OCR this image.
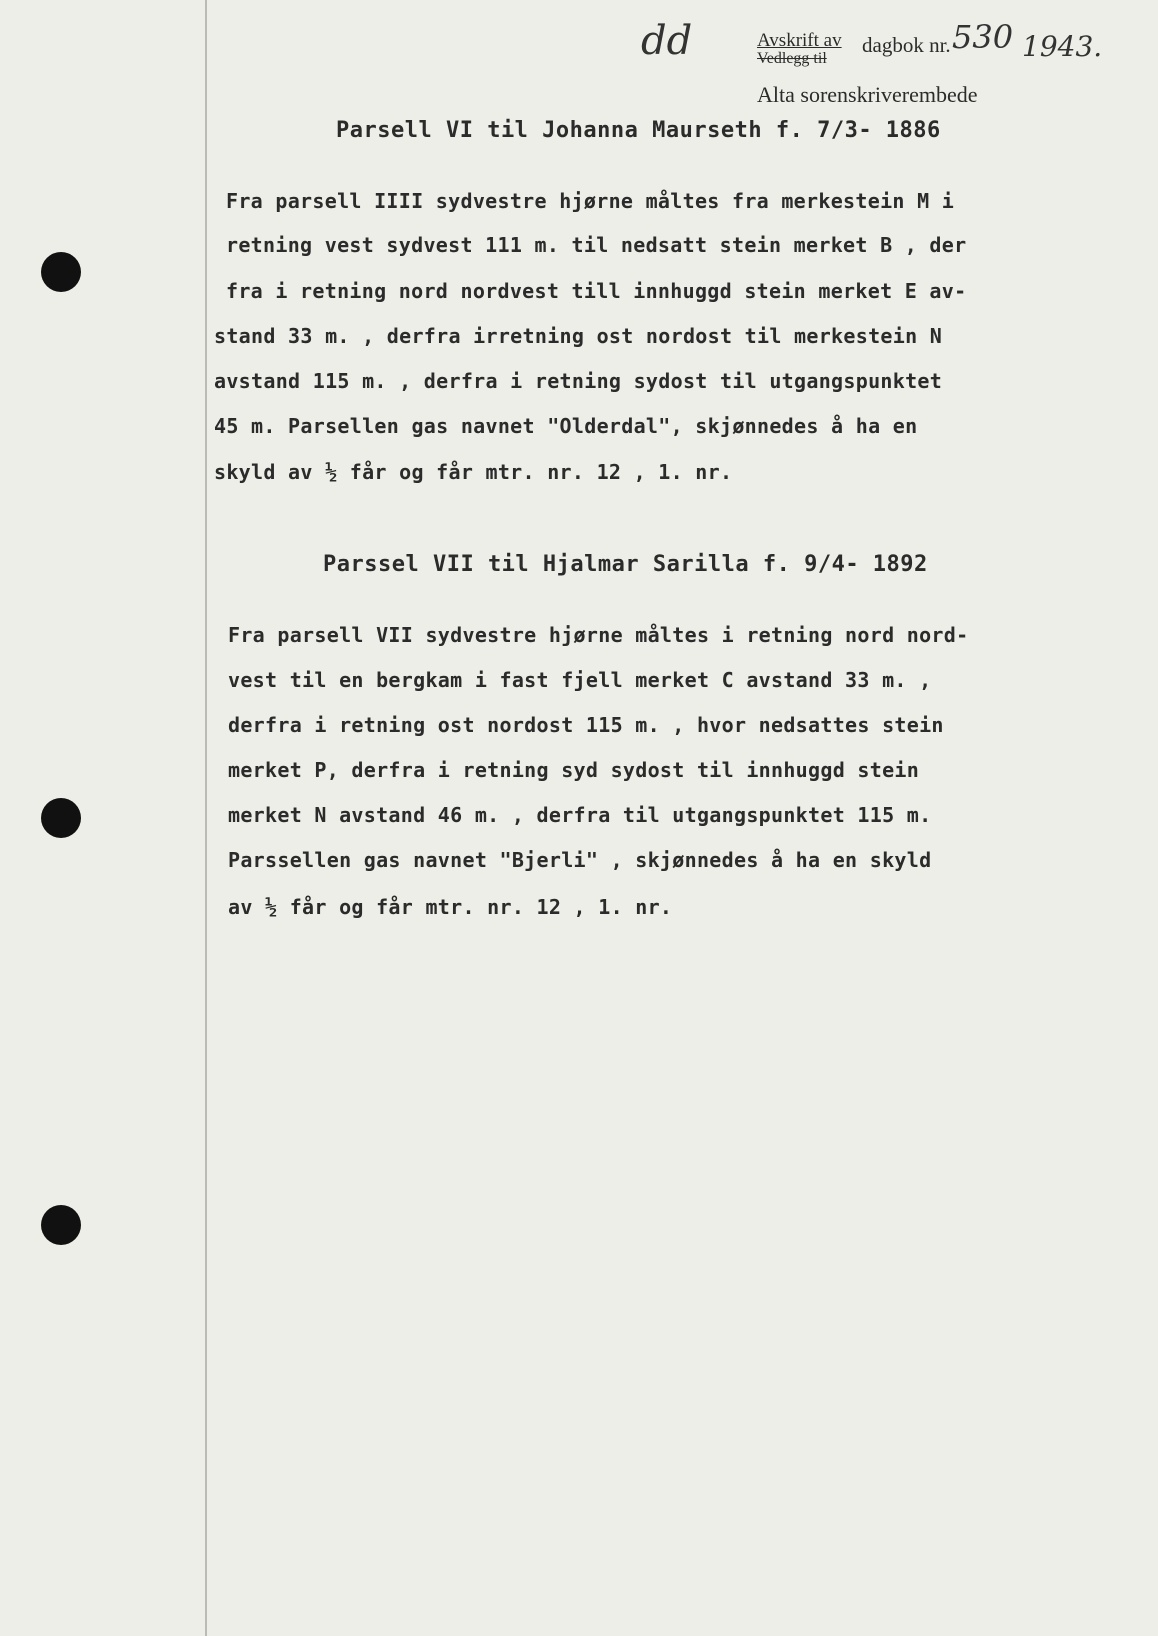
dd	Avskrift av
Vedlegg til
dagbok nr. 530 1943.
Alta sorenskriverembede
Parsell VI til Johanna Maurseth f. 7/3- 1886
Fra parsell IIII sydvestre hjørne måltes fra merkestein M i
retning vest sydvest 111 m. til nedsatt stein merket B , der
fra i retning nord nordvest till innhuggd stein merket E av-
stand 33 m. , derfra irretning ost nordost til merkestein N
avstand 115 m. , derfra i retning sydost til utgangspunktet
45 m. Parsellen gas navnet "Olderdal", skjønnedes å ha en
skyld av ½ får og får mtr. nr. 12 , 1. nr.
Parssel VII til Hjalmar Sarilla f. 9/4- 1892
Fra parsell VII sydvestre hjørne måltes i retning nord nord-
vest til en bergkam i fast fjell merket C avstand 33 m. ,
derfra i retning ost nordost 115 m. , hvor nedsattes stein
merket P, derfra i retning syd sydost til innhuggd stein
merket N avstand 46 m. , derfra til utgangspunktet 115 m.
Parssellen gas navnet "Bjerli" , skjønnedes å ha en skyld
av ½ får og får mtr. nr. 12 , 1. nr.
